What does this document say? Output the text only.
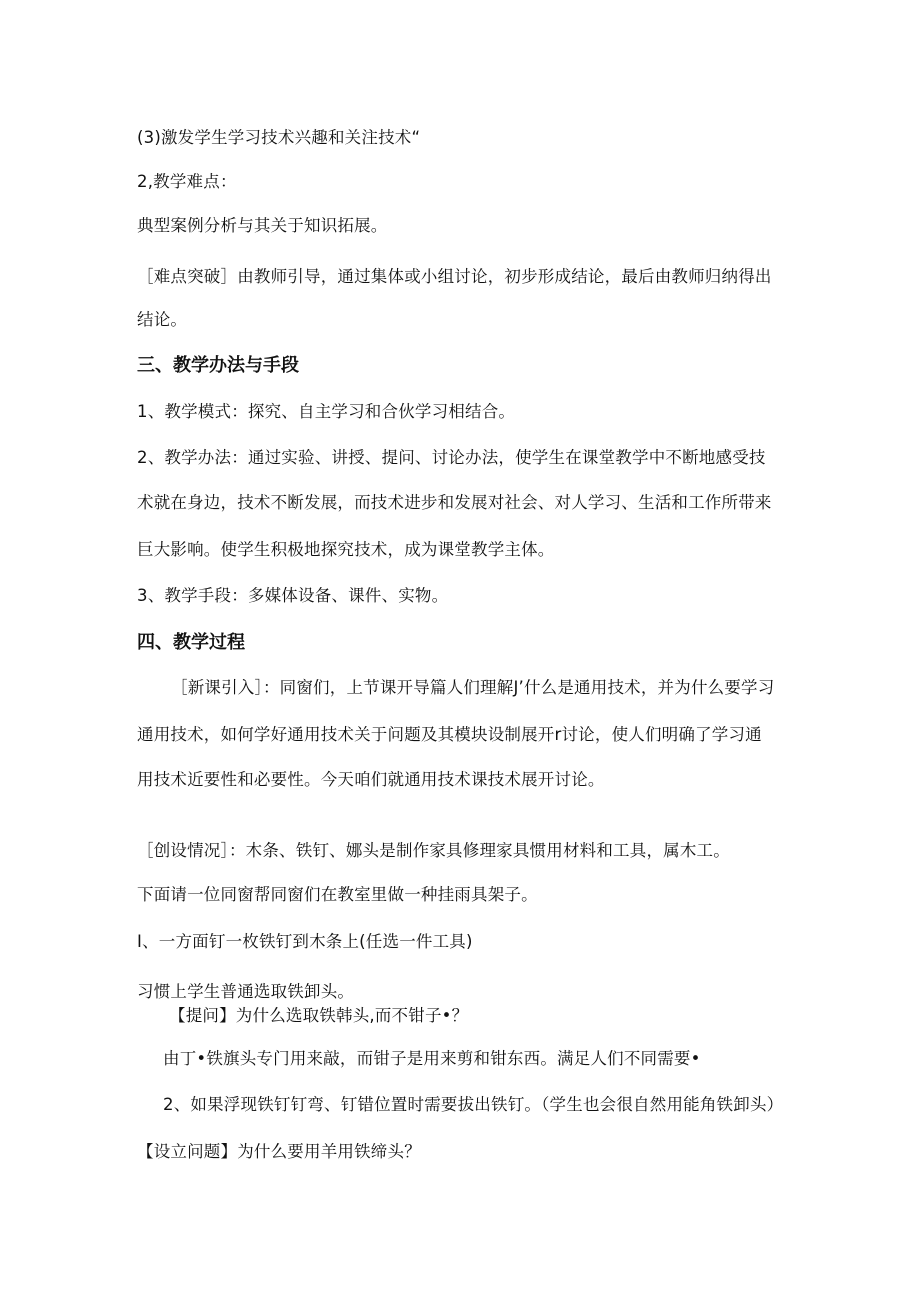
(3)激发学生学习技术兴趣和关注技术“
2,教学难点：
典型案例分析与其关于知识拓展。
［难点突破］由教师引导，通过集体或小组讨论，初步形成结论，最后由教师归纳得出
结论。
三、教学办法与手段
1、教学模式：探究、自主学习和合伙学习相结合。
2、教学办法：通过实验、讲授、提问、讨论办法，使学生在课堂教学中不断地感受技
术就在身边，技术不断发展，而技术进步和发展对社会、对人学习、生活和工作所带来
巨大影响。使学生积极地探究技术，成为课堂教学主体。
3、教学手段：多媒体设备、课件、实物。
四、教学过程
［新课引入］：同窗们，上节课开导篇人们理解J’什么是通用技术，并为什么要学习
通用技术，如何学好通用技术关于问题及其模块设制展开r讨论，使人们明确了学习通
用技术近要性和必要性。今天咱们就通用技术课技术展开讨论。
［创设情况］：木条、铁钉、娜头是制作家具修理家具惯用材料和工具，属木工。
下面请一位同窗帮同窗们在教室里做一种挂雨具架子。
I、一方面钉一枚铁钉到木条上(任选一件工具)
习惯上学生普通选取铁卸头。
【提问】为什么选取铁韩头,而不钳子•？
由丁•铁旗头专门用来敲，而钳子是用来剪和钳东西。满足人们不同需要•
2、如果浮现铁钉钉弯、钉错位置时需要拔出铁钉。（学生也会很自然用能角铁卸头）
【设立问题】为什么要用羊用铁缔头？
